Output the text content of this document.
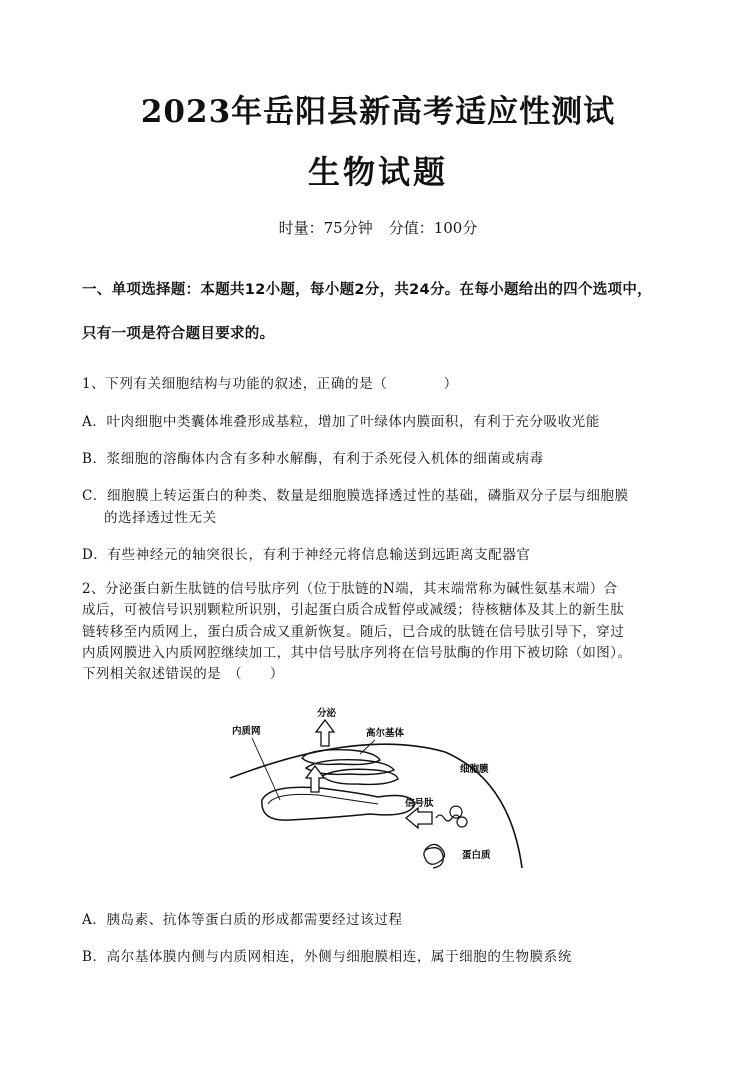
2023年岳阳县新高考适应性测试
生物试题
时量：75分钟 分值：100分
一、单项选择题：本题共12小题，每小题2分，共24分。在每小题给出的四个选项中，
只有一项是符合题目要求的。
1、下列有关细胞结构与功能的叙述，正确的是（　　　　）
A．叶肉细胞中类囊体堆叠形成基粒，增加了叶绿体内膜面积，有利于充分吸收光能
B．浆细胞的溶酶体内含有多种水解酶，有利于杀死侵入机体的细菌或病毒
C．细胞膜上转运蛋白的种类、数量是细胞膜选择透过性的基础，磷脂双分子层与细胞膜
的选择透过性无关
D．有些神经元的轴突很长，有利于神经元将信息输送到远距离支配器官
2、分泌蛋白新生肽链的信号肽序列（位于肽链的N端，其末端常称为碱性氨基末端）合
成后，可被信号识别颗粒所识别，引起蛋白质合成暂停或减缓；待核糖体及其上的新生肽
链转移至内质网上，蛋白质合成又重新恢复。随后，已合成的肽链在信号肽引导下，穿过
内质网膜进入内质网腔继续加工，其中信号肽序列将在信号肽酶的作用下被切除（如图）。
下列相关叙述错误的是　（　　）
分泌
内质网	高尔基体
细胞膜
信号肽
蛋白质
A．胰岛素、抗体等蛋白质的形成都需要经过该过程
B．高尔基体膜内侧与内质网相连，外侧与细胞膜相连，属于细胞的生物膜系统
